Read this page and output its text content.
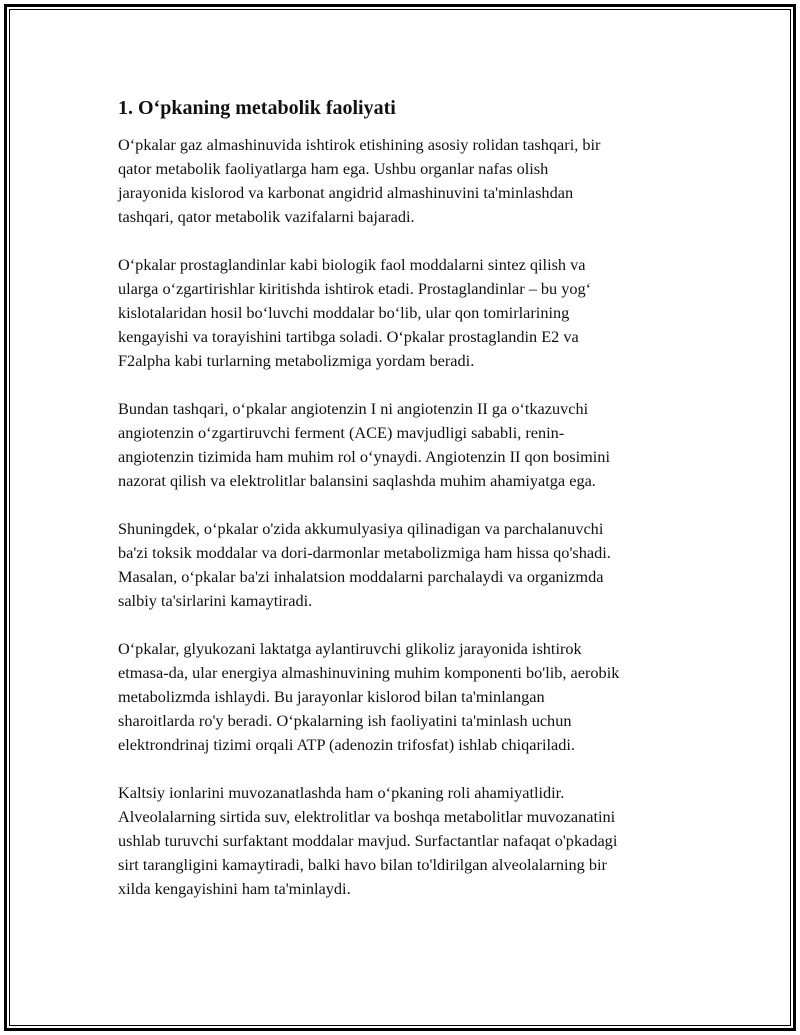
1. O‘pkaning metabolik faoliyati

O‘pkalar gaz almashinuvida ishtirok etishining asosiy rolidan tashqari, bir
qator metabolik faoliyatlarga ham ega. Ushbu organlar nafas olish
jarayonida kislorod va karbonat angidrid almashinuvini ta'minlashdan
tashqari, qator metabolik vazifalarni bajaradi.

O‘pkalar prostaglandinlar kabi biologik faol moddalarni sintez qilish va
ularga o‘zgartirishlar kiritishda ishtirok etadi. Prostaglandinlar – bu yog‘
kislotalaridan hosil bo‘luvchi moddalar bo‘lib, ular qon tomirlarining
kengayishi va torayishini tartibga soladi. O‘pkalar prostaglandin E2 va
F2alpha kabi turlarning metabolizmiga yordam beradi.

Bundan tashqari, o‘pkalar angiotenzin I ni angiotenzin II ga o‘tkazuvchi
angiotenzin o‘zgartiruvchi ferment (ACE) mavjudligi sababli, renin-
angiotenzin tizimida ham muhim rol o‘ynaydi. Angiotenzin II qon bosimini
nazorat qilish va elektrolitlar balansini saqlashda muhim ahamiyatga ega.

Shuningdek, o‘pkalar o'zida akkumulyasiya qilinadigan va parchalanuvchi
ba'zi toksik moddalar va dori-darmonlar metabolizmiga ham hissa qo'shadi.
Masalan, o‘pkalar ba'zi inhalatsion moddalarni parchalaydi va organizmda
salbiy ta'sirlarini kamaytiradi.

O‘pkalar, glyukozani laktatga aylantiruvchi glikoliz jarayonida ishtirok
etmasa-da, ular energiya almashinuvining muhim komponenti bo'lib, aerobik
metabolizmda ishlaydi. Bu jarayonlar kislorod bilan ta'minlangan
sharoitlarda ro'y beradi. O‘pkalarning ish faoliyatini ta'minlash uchun
elektrondrinaj tizimi orqali ATP (adenozin trifosfat) ishlab chiqariladi.

Kaltsiy ionlarini muvozanatlashda ham o‘pkaning roli ahamiyatlidir.
Alveolalarning sirtida suv, elektrolitlar va boshqa metabolitlar muvozanatini
ushlab turuvchi surfaktant moddalar mavjud. Surfactantlar nafaqat o'pkadagi
sirt tarangligini kamaytiradi, balki havo bilan to'ldirilgan alveolalarning bir
xilda kengayishini ham ta'minlaydi.
